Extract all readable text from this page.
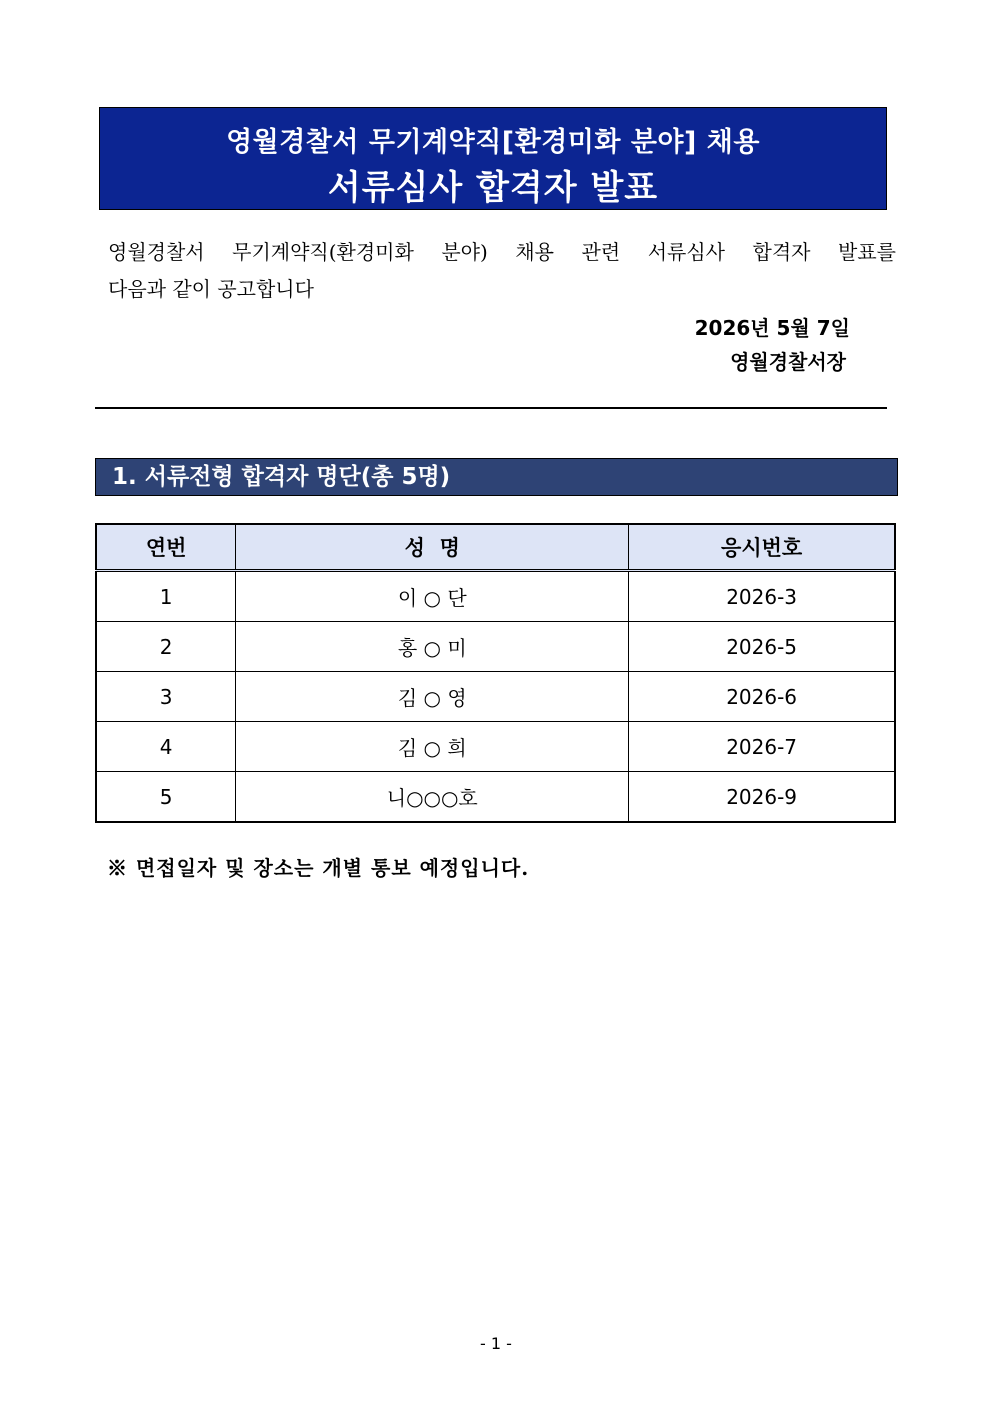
영월경찰서 무기계약직[환경미화 분야] 채용
서류심사 합격자 발표
영월경찰서 무기계약직(환경미화 분야) 채용 관련 서류심사 합격자 발표를
다음과 같이 공고합니다
2026년 5월 7일
영월경찰서장
1. 서류전형 합격자 명단(총 5명)
연번	성  명	응시번호
1	이 ○ 단	2026-3
2	홍 ○ 미	2026-5
3	김 ○ 영	2026-6
4	김 ○ 희	2026-7
5	니○○○호	2026-9
※ 면접일자 및 장소는 개별 통보 예정입니다.
- 1 -
